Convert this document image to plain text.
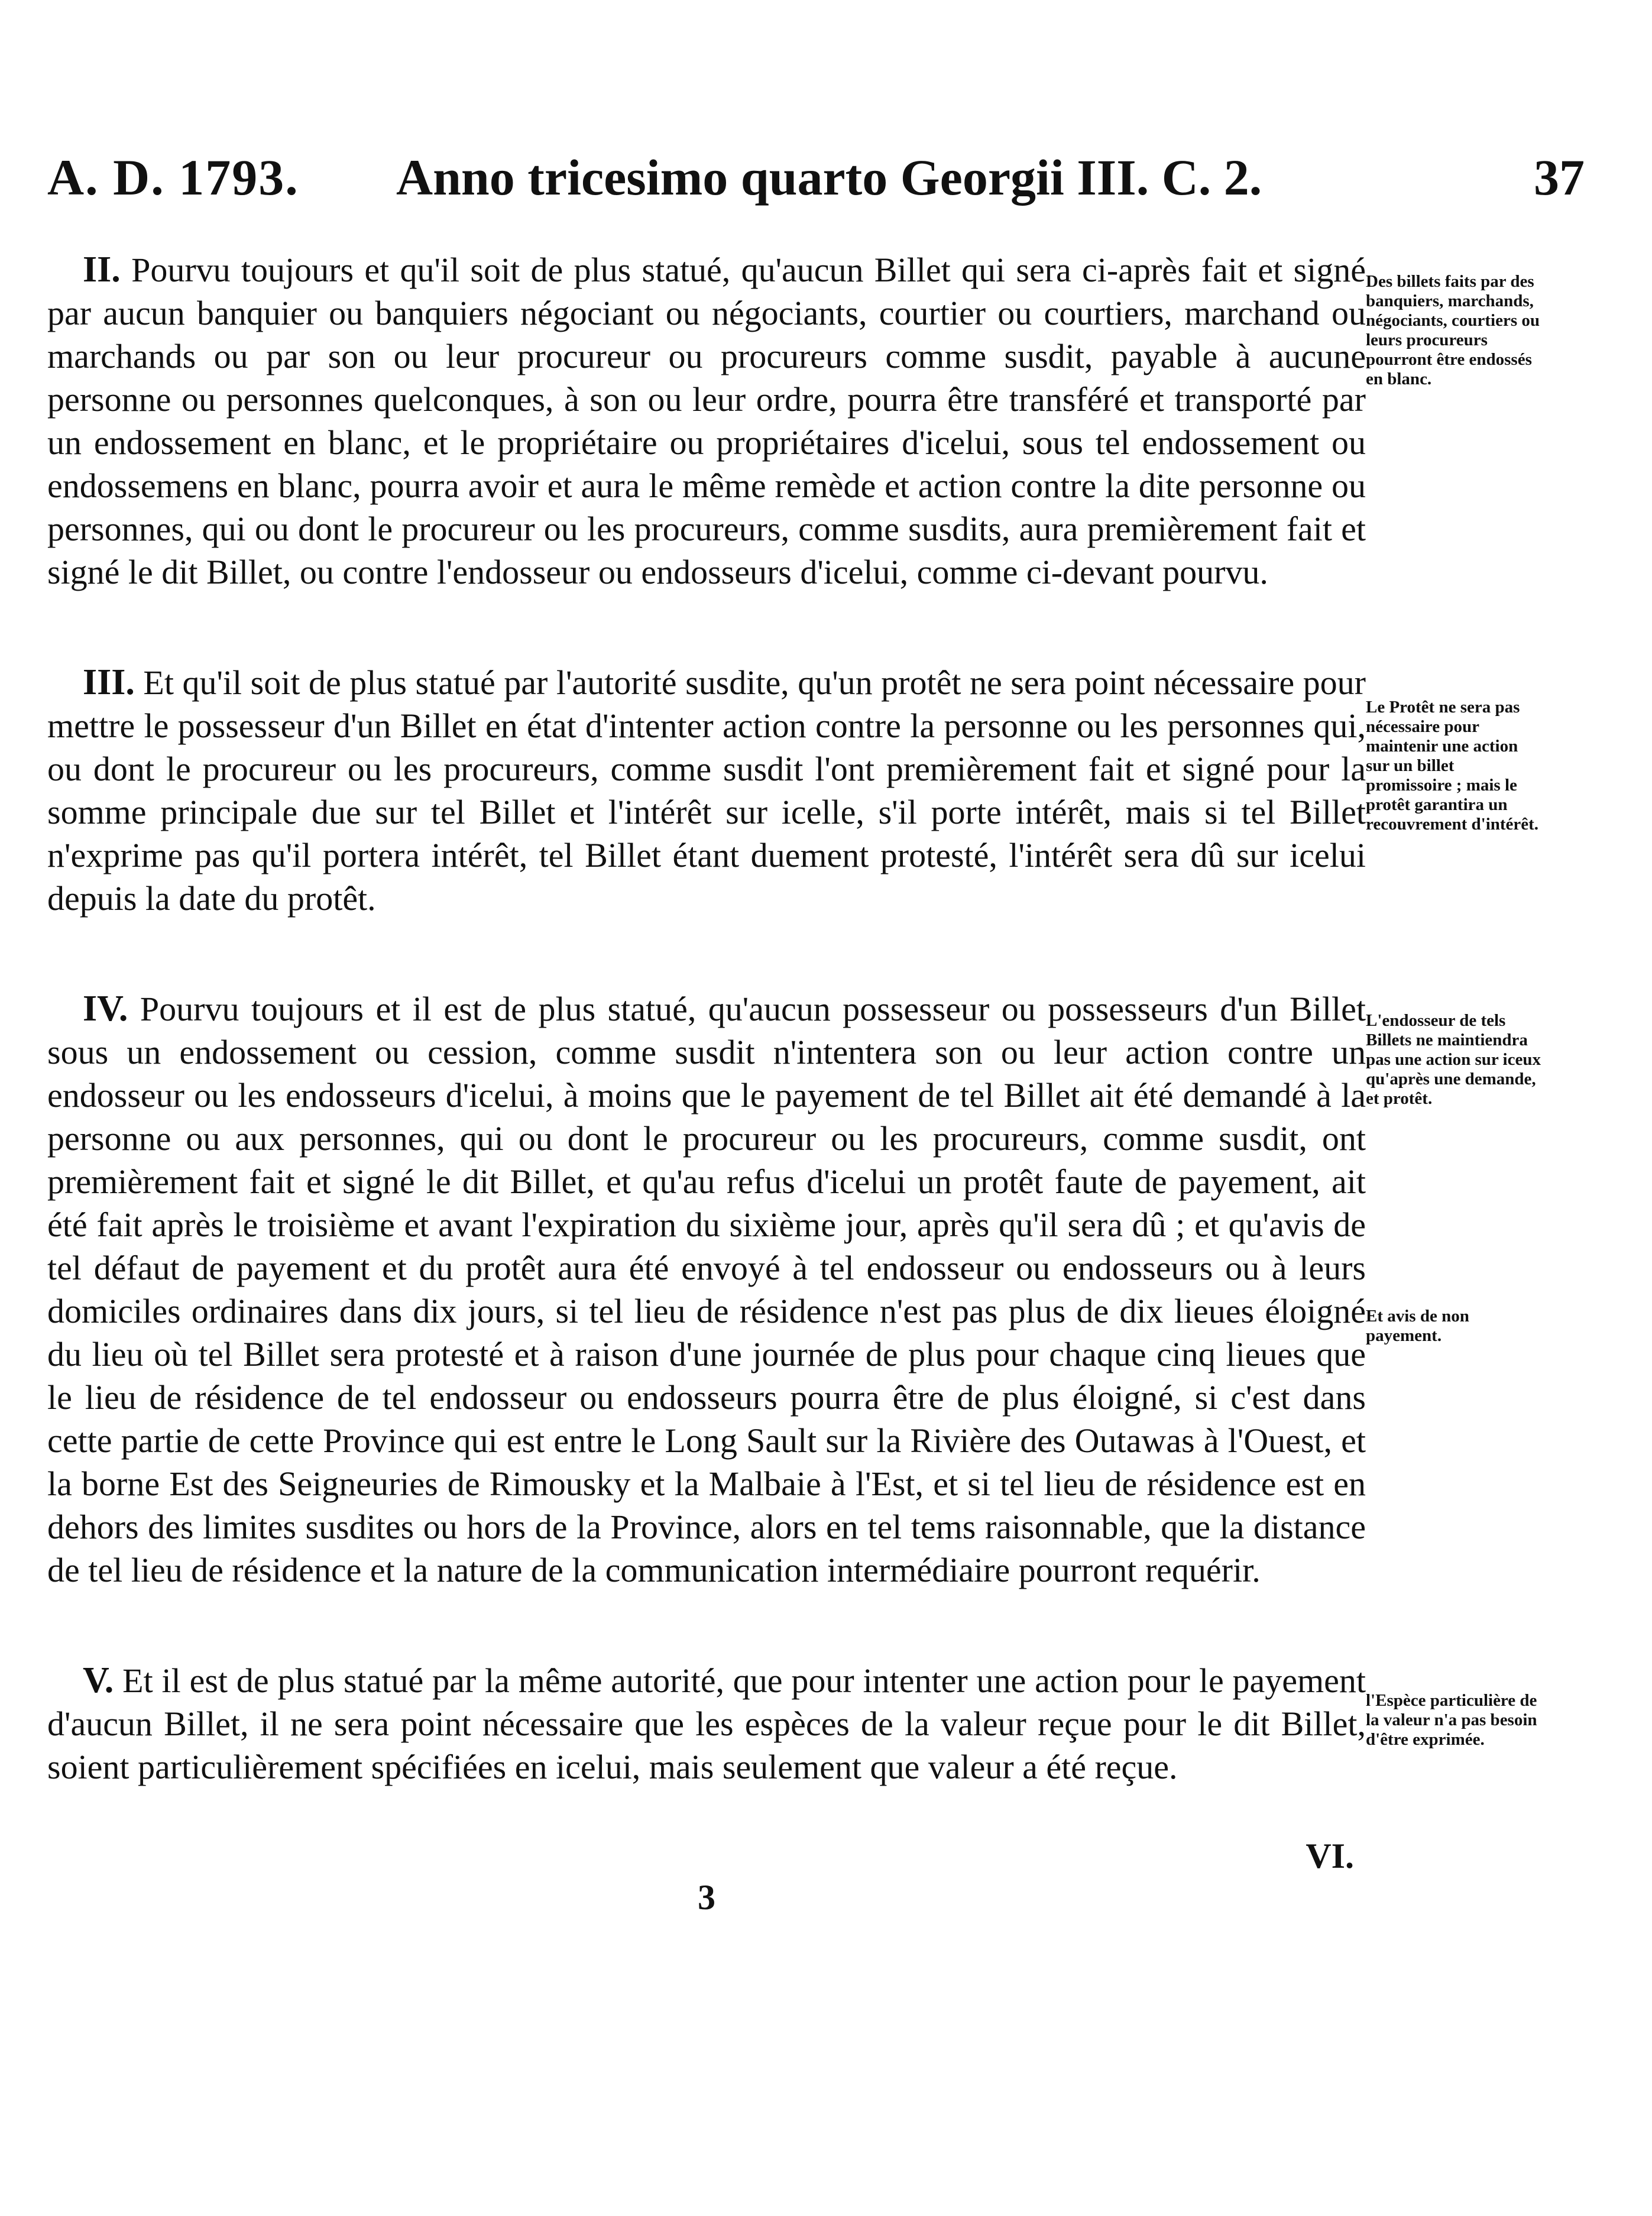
A. D. 1793. Anno tricesimo quarto Georgii III. C. 2.	37

II. Pourvu toujours et qu'il soit de plus statué, qu'aucun Billet qui sera ci-après fait et signé par aucun banquier ou banquiers négociant ou négociants, courtier ou courtiers, marchand ou marchands ou par son ou leur procureur ou procureurs comme susdit, payable à aucune personne ou personnes quelconques, à son ou leur ordre, pourra être transféré et transporté par un endossement en blanc, et le propriétaire ou propriétaires d'icelui, sous tel endossement ou endossemens en blanc, pourra avoir et aura le même remède et action contre la dite personne ou personnes, qui ou dont le procureur ou les procureurs, comme susdits, aura premièrement fait et signé le dit Billet, ou contre l'endosseur ou endosseurs d'icelui, comme ci-devant pourvu.

III. Et qu'il soit de plus statué par l'autorité susdite, qu'un protêt ne sera point nécessaire pour mettre le possesseur d'un Billet en état d'intenter action contre la personne ou les personnes qui, ou dont le procureur ou les procureurs, comme susdit l'ont premièrement fait et signé pour la somme principale due sur tel Billet et l'intérêt sur icelle, s'il porte intérêt, mais si tel Billet n'exprime pas qu'il portera intérêt, tel Billet étant duement protesté, l'intérêt sera dû sur icelui depuis la date du protêt.

IV. Pourvu toujours et il est de plus statué, qu'aucun possesseur ou possesseurs d'un Billet sous un endossement ou cession, comme susdit n'intentera son ou leur action contre un endosseur ou les endosseurs d'icelui, à moins que le payement de tel Billet ait été demandé à la personne ou aux personnes, qui ou dont le procureur ou les procureurs, comme susdit, ont premièrement fait et signé le dit Billet, et qu'au refus d'icelui un protêt faute de payement, ait été fait après le troisième et avant l'expiration du sixième jour, après qu'il sera dû ; et qu'avis de tel défaut de payement et du protêt aura été envoyé à tel endosseur ou endosseurs ou à leurs domiciles ordinaires dans dix jours, si tel lieu de résidence n'est pas plus de dix lieues éloigné du lieu où tel Billet sera protesté et à raison d'une journée de plus pour chaque cinq lieues que le lieu de résidence de tel endosseur ou endosseurs pourra être de plus éloigné, si c'est dans cette partie de cette Province qui est entre le Long Sault sur la Rivière des Outawas à l'Ouest, et la borne Est des Seigneuries de Rimousky et la Malbaie à l'Est, et si tel lieu de résidence est en dehors des limites susdites ou hors de la Province, alors en tel tems raisonnable, que la distance de tel lieu de résidence et la nature de la communication intermédiaire pourront requérir.

V. Et il est de plus statué par la même autorité, que pour intenter une action pour le payement d'aucun Billet, il ne sera point nécessaire que les espèces de la valeur reçue pour le dit Billet, soient particulièrement spécifiées en icelui, mais seulement que valeur a été reçue.

Des billets faits par des banquiers, marchands, négociants, courtiers ou leurs procureurs pourront être endossés en blanc.
Le Protêt ne sera pas nécessaire pour maintenir une action sur un billet promissoire ; mais le protêt garantira un recouvrement d'intérêt.
L'endosseur de tels Billets ne maintiendra pas une action sur iceux qu'après une demande, et protêt.
Et avis de non payement.
l'Espèce particulière de la valeur n'a pas besoin d'être exprimée.
VI.
3
